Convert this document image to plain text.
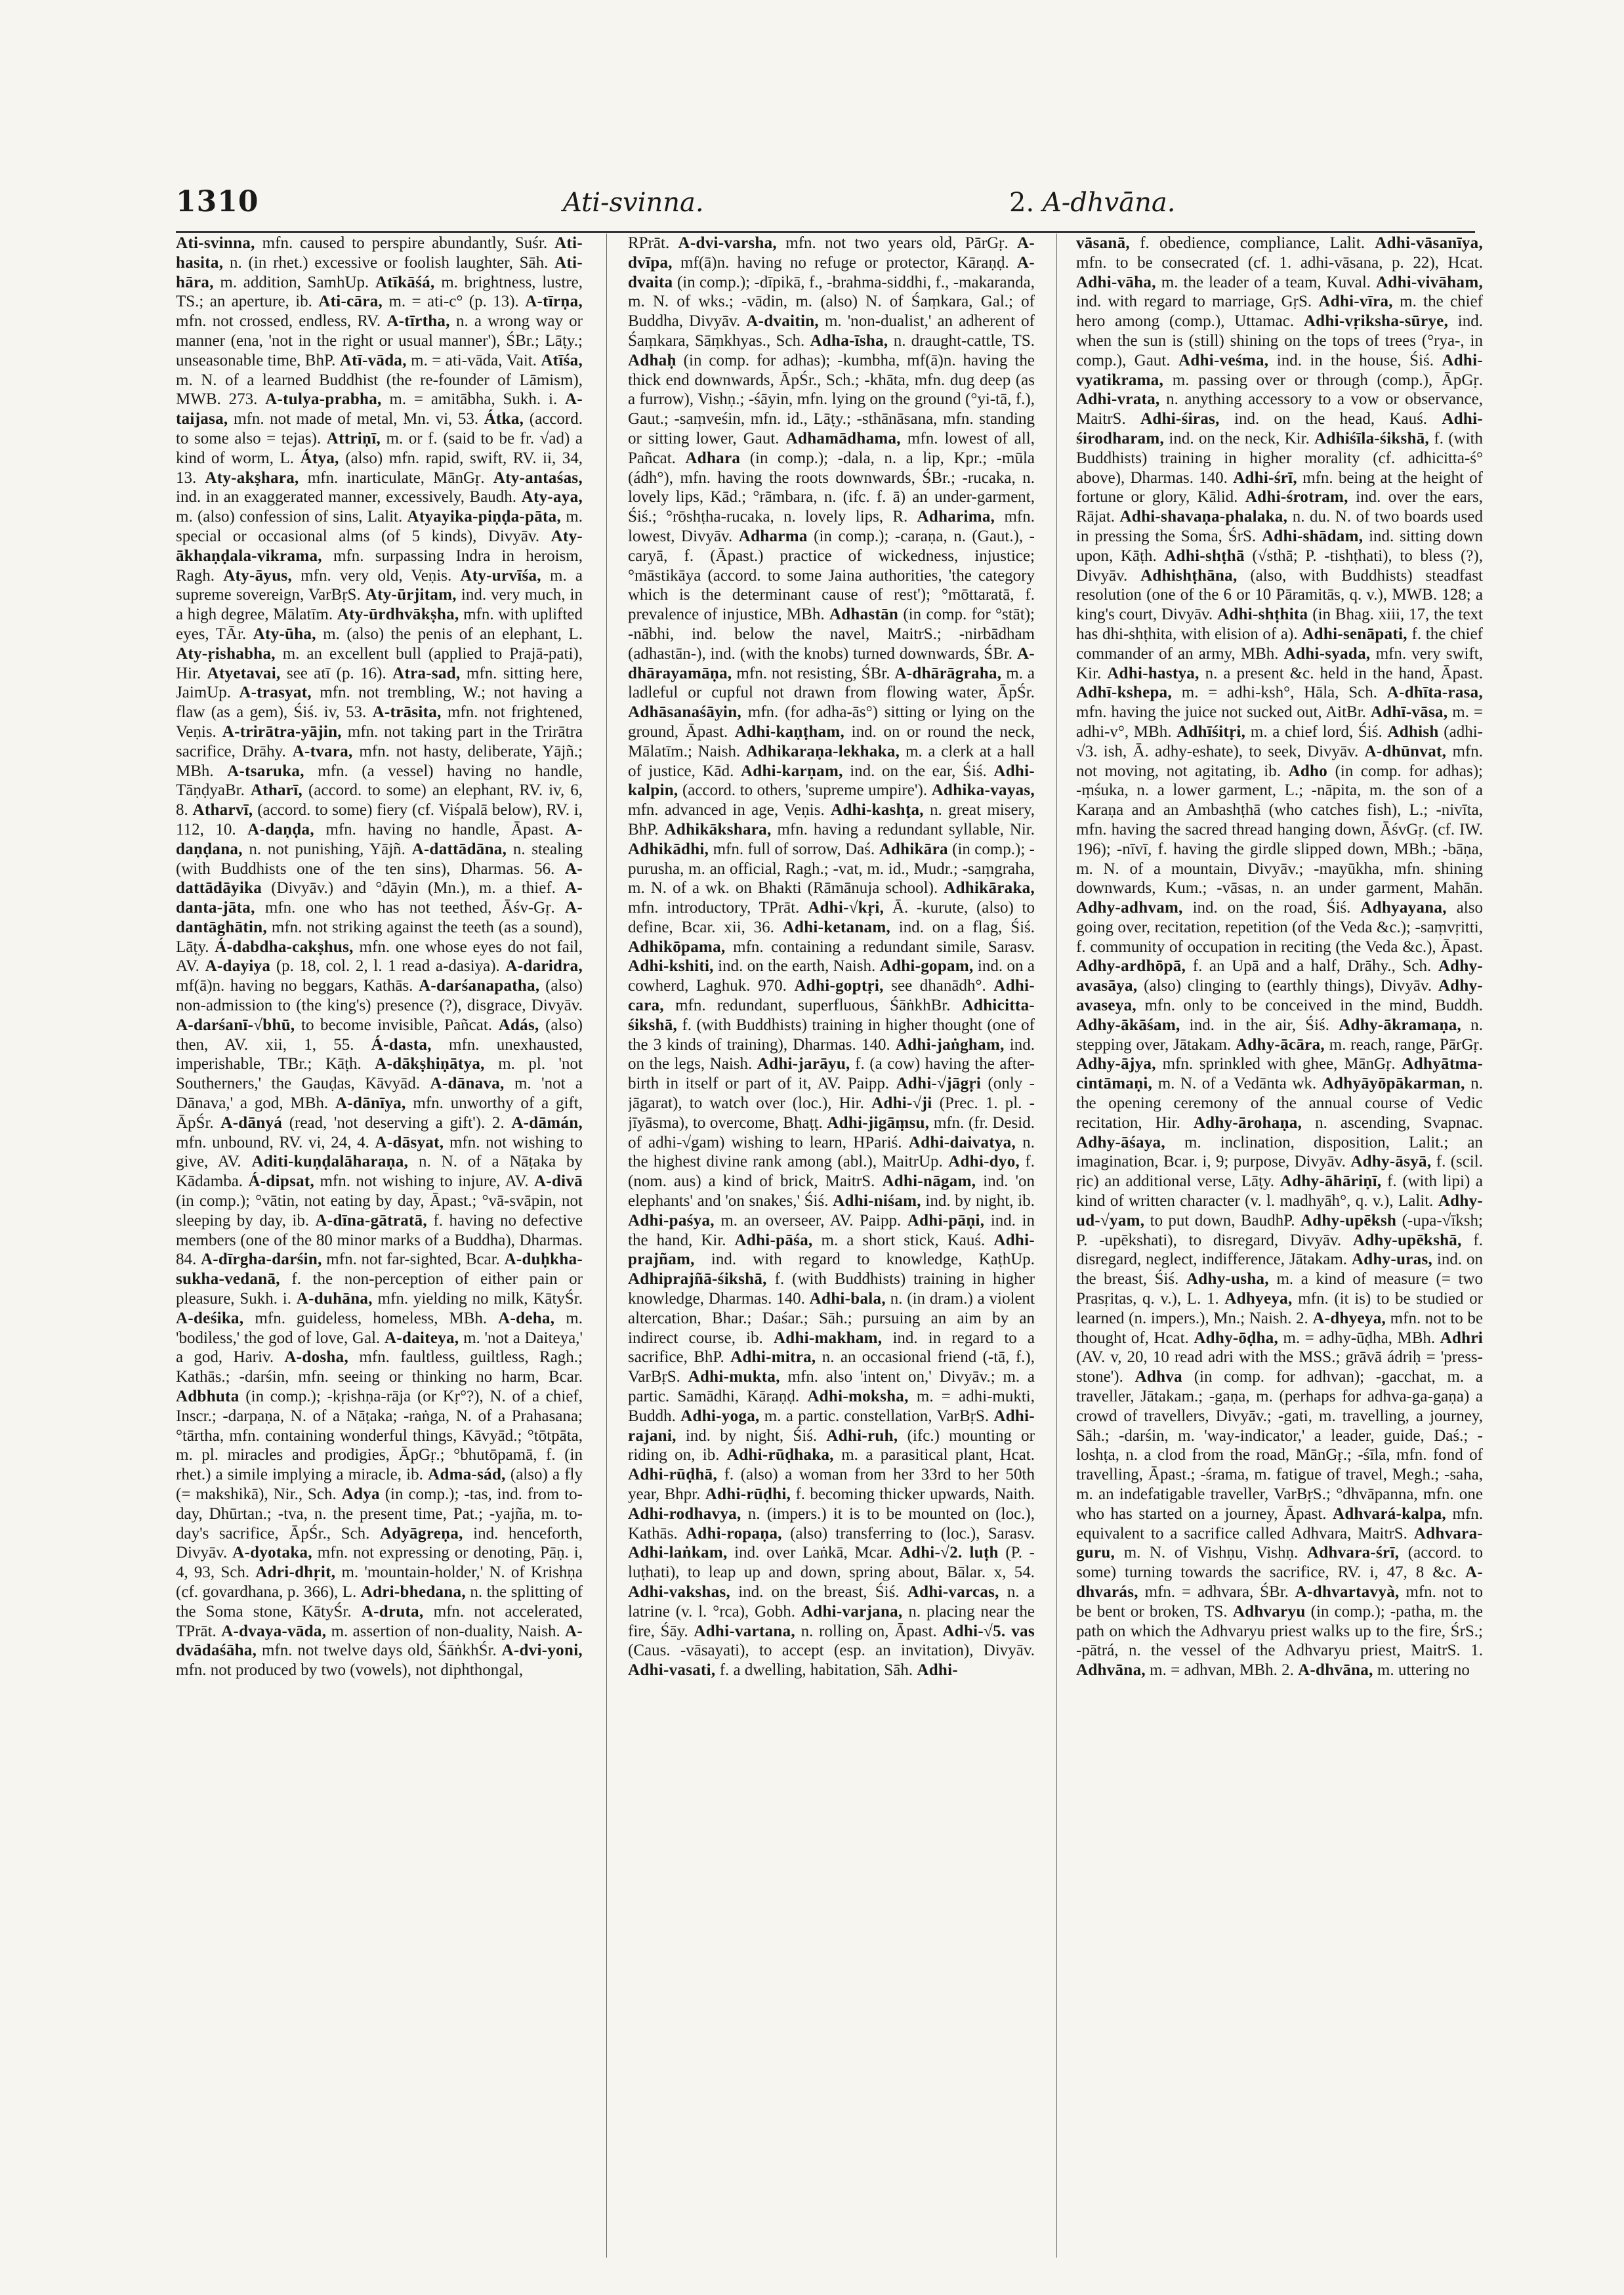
1310	Ati-svinna.	2. A-dhvāna.
Ati-svinna, mfn. caused to perspire abundantly, Suśr. Ati-hasita, n. (in rhet.) excessive or foolish laughter, Sāh. Ati-hāra, m. addition, SamhUp. Atīkāśá, m. brightness, lustre, TS.; an aperture, ib. Ati-cāra, m. = ati-c° (p. 13). A-tīrṇa, mfn. not crossed, endless, RV. A-tīrtha, n. a wrong way or manner (ena, 'not in the right or usual manner'), ŚBr.; Lāṭy.; unseasonable time, BhP. Atī-vāda, m. = ati-vāda, Vait. Atīśa, m. N. of a learned Buddhist (the re-founder of Lāmism), MWB. 273. A-tulya-prabha, m. = amitābha, Sukh. i. A-taijasa, mfn. not made of metal, Mn. vi, 53. Átka, (accord. to some also = tejas). Attriṇī, m. or f. (said to be fr. √ad) a kind of worm, L. Átya, (also) mfn. rapid, swift, RV. ii, 34, 13. Aty-akṣhara, mfn. inarticulate, MānGṛ. Aty-antaśas, ind. in an exaggerated manner, excessively, Baudh. Aty-aya, m. (also) confession of sins, Lalit. Atyayika-piṇḍa-pāta, m. special or occasional alms (of 5 kinds), Divyāv. Aty-ākhaṇḍala-vikrama, mfn. surpassing Indra in heroism, Ragh. Aty-āyus, mfn. very old, Veṇis. Aty-urvīśa, m. a supreme sovereign, VarBṛS. Aty-ūrjitam, ind. very much, in a high degree, Mālatīm. Aty-ūrdhvākṣha, mfn. with uplifted eyes, TĀr. Aty-ūha, m. (also) the penis of an elephant, L. Aty-ṛishabha, m. an excellent bull (applied to Prajā-pati), Hir. Atyetavai, see atī (p. 16). Atra-sad, mfn. sitting here, JaimUp. A-trasyat, mfn. not trembling, W.; not having a flaw (as a gem), Śiś. iv, 53. A-trāsita, mfn. not frightened, Veṇis. A-trirātra-yājin, mfn. not taking part in the Trirātra sacrifice, Drāhy. A-tvara, mfn. not hasty, deliberate, Yājñ.; MBh. A-tsaruka, mfn. (a vessel) having no handle, TāṇḍyaBr. Atharī, (accord. to some) an elephant, RV. iv, 6, 8. Atharvī, (accord. to some) fiery (cf. Viśpalā below), RV. i, 112, 10. A-daṇḍa, mfn. having no handle, Āpast. A-daṇḍana, n. not punishing, Yājñ. A-dattādāna, n. stealing (with Buddhists one of the ten sins), Dharmas. 56. A-dattādāyika (Divyāv.) and °dāyin (Mn.), m. a thief. A-danta-jāta, mfn. one who has not teethed, Āśv-Gṛ. A-dantāghātin, mfn. not striking against the teeth (as a sound), Lāṭy. Á-dabdha-cakṣhus, mfn. one whose eyes do not fail, AV. A-dayiya (p. 18, col. 2, l. 1 read a-dasiya). A-daridra, mf(ā)n. having no beggars, Kathās. A-darśanapatha, (also) non-admission to (the king's) presence (?), disgrace, Divyāv. A-darśanī-√bhū, to become invisible, Pañcat. Adás, (also) then, AV. xii, 1, 55. Á-dasta, mfn. unexhausted, imperishable, TBr.; Kāṭh. A-dākṣhiṇātya, m. pl. 'not Southerners,' the Gauḍas, Kāvyād. A-dānava, m. 'not a Dānava,' a god, MBh. A-dānīya, mfn. unworthy of a gift, ĀpŚr. A-dānyá (read, 'not deserving a gift'). 2. A-dāmán, mfn. unbound, RV. vi, 24, 4. A-dāsyat, mfn. not wishing to give, AV. Aditi-kuṇḍalāharaṇa, n. N. of a Nāṭaka by Kādamba. Á-dipsat, mfn. not wishing to injure, AV. A-divā (in comp.); °vātin, not eating by day, Āpast.; °vā-svāpin, not sleeping by day, ib. A-dīna-gātratā, f. having no defective members (one of the 80 minor marks of a Buddha), Dharmas. 84. A-dīrgha-darśin, mfn. not far-sighted, Bcar. A-duḥkha-sukha-vedanā, f. the non-perception of either pain or pleasure, Sukh. i. A-duhāna, mfn. yielding no milk, KātyŚr. A-deśika, mfn. guideless, homeless, MBh. A-deha, m. 'bodiless,' the god of love, Gal. A-daiteya, m. 'not a Daiteya,' a god, Hariv. A-dosha, mfn. faultless, guiltless, Ragh.; Kathās.; -darśin, mfn. seeing or thinking no harm, Bcar. Adbhuta (in comp.); -kṛishṇa-rāja (or Kṛ°?), N. of a chief, Inscr.; -darpaṇa, N. of a Nāṭaka; -raṅga, N. of a Prahasana; °tārtha, mfn. containing wonderful things, Kāvyād.; °tōtpāta, m. pl. miracles and prodigies, ĀpGṛ.; °bhutōpamā, f. (in rhet.) a simile implying a miracle, ib. Adma-sád, (also) a fly (= makshikā), Nir., Sch. Adya (in comp.); -tas, ind. from to-day, Dhūrtan.; -tva, n. the present time, Pat.; -yajña, m. to-day's sacrifice, ĀpŚr., Sch. Adyāgreṇa, ind. henceforth, Divyāv. A-dyotaka, mfn. not expressing or denoting, Pāṇ. i, 4, 93, Sch. Adri-dhṛit, m. 'mountain-holder,' N. of Krishṇa (cf. govardhana, p. 366), L. Adri-bhedana, n. the splitting of the Soma stone, KātyŚr. A-druta, mfn. not accelerated, TPrāt. A-dvaya-vāda, m. assertion of non-duality, Naish. A-dvādaśāha, mfn. not twelve days old, ŚāṅkhŚr. A-dvi-yoni, mfn. not produced by two (vowels), not diphthongal,
RPrāt. A-dvi-varsha, mfn. not two years old, PārGṛ. A-dvīpa, mf(ā)n. having no refuge or protector, Kāraṇḍ. A-dvaita (in comp.); -dīpikā, f., -brahma-siddhi, f., -makaranda, m. N. of wks.; -vādin, m. (also) N. of Śaṃkara, Gal.; of Buddha, Divyāv. A-dvaitin, m. 'non-dualist,' an adherent of Śaṃkara, Sāṃkhyas., Sch. Adha-īsha, n. draught-cattle, TS. Adhaḥ (in comp. for adhas); -kumbha, mf(ā)n. having the thick end downwards, ĀpŚr., Sch.; -khāta, mfn. dug deep (as a furrow), Vishṇ.; -śāyin, mfn. lying on the ground (°yi-tā, f.), Gaut.; -saṃveśin, mfn. id., Lāṭy.; -sthānāsana, mfn. standing or sitting lower, Gaut. Adhamādhama, mfn. lowest of all, Pañcat. Adhara (in comp.); -dala, n. a lip, Kpr.; -mūla (ádh°), mfn. having the roots downwards, ŚBr.; -rucaka, n. lovely lips, Kād.; °rāmbara, n. (ifc. f. ā) an under-garment, Śiś.; °rōshṭha-rucaka, n. lovely lips, R. Adharima, mfn. lowest, Divyāv. Adharma (in comp.); -caraṇa, n. (Gaut.), -caryā, f. (Āpast.) practice of wickedness, injustice; °māstikāya (accord. to some Jaina authorities, 'the category which is the determinant cause of rest'); °mōttaratā, f. prevalence of injustice, MBh. Adhastān (in comp. for °stāt); -nābhi, ind. below the navel, MaitrS.; -nirbādham (adhastān-), ind. (with the knobs) turned downwards, ŚBr. A-dhārayamāṇa, mfn. not resisting, ŚBr. A-dhārāgraha, m. a ladleful or cupful not drawn from flowing water, ĀpŚr. Adhāsanaśāyin, mfn. (for adha-ās°) sitting or lying on the ground, Āpast. Adhi-kaṇṭham, ind. on or round the neck, Mālatīm.; Naish. Adhikaraṇa-lekhaka, m. a clerk at a hall of justice, Kād. Adhi-karṇam, ind. on the ear, Śiś. Adhi-kalpin, (accord. to others, 'supreme umpire'). Adhika-vayas, mfn. advanced in age, Veṇis. Adhi-kashṭa, n. great misery, BhP. Adhikākshara, mfn. having a redundant syllable, Nir. Adhikādhi, mfn. full of sorrow, Daś. Adhikāra (in comp.); -purusha, m. an official, Ragh.; -vat, m. id., Mudr.; -saṃgraha, m. N. of a wk. on Bhakti (Rāmānuja school). Adhikāraka, mfn. introductory, TPrāt. Adhi-√kṛi, Ā. -kurute, (also) to define, Bcar. xii, 36. Adhi-ketanam, ind. on a flag, Śiś. Adhikōpama, mfn. containing a redundant simile, Sarasv. Adhi-kshiti, ind. on the earth, Naish. Adhi-gopam, ind. on a cowherd, Laghuk. 970. Adhi-goptṛi, see dhanādh°. Adhi-cara, mfn. redundant, superfluous, ŚāṅkhBr. Adhicitta-śikshā, f. (with Buddhists) training in higher thought (one of the 3 kinds of training), Dharmas. 140. Adhi-jaṅgham, ind. on the legs, Naish. Adhi-jarāyu, f. (a cow) having the after-birth in itself or part of it, AV. Paipp. Adhi-√jāgṛi (only -jāgarat), to watch over (loc.), Hir. Adhi-√ji (Prec. 1. pl. -jīyāsma), to overcome, Bhaṭṭ. Adhi-jigāṃsu, mfn. (fr. Desid. of adhi-√gam) wishing to learn, HPariś. Adhi-daivatya, n. the highest divine rank among (abl.), MaitrUp. Adhi-dyo, f. (nom. aus) a kind of brick, MaitrS. Adhi-nāgam, ind. 'on elephants' and 'on snakes,' Śiś. Adhi-niśam, ind. by night, ib. Adhi-paśya, m. an overseer, AV. Paipp. Adhi-pāṇi, ind. in the hand, Kir. Adhi-pāśa, m. a short stick, Kauś. Adhi-prajñam, ind. with regard to knowledge, KaṭhUp. Adhiprajñā-śikshā, f. (with Buddhists) training in higher knowledge, Dharmas. 140. Adhi-bala, n. (in dram.) a violent altercation, Bhar.; Daśar.; Sāh.; pursuing an aim by an indirect course, ib. Adhi-makham, ind. in regard to a sacrifice, BhP. Adhi-mitra, n. an occasional friend (-tā, f.), VarBṛS. Adhi-mukta, mfn. also 'intent on,' Divyāv.; m. a partic. Samādhi, Kāraṇḍ. Adhi-moksha, m. = adhi-mukti, Buddh. Adhi-yoga, m. a partic. constellation, VarBṛS. Adhi-rajani, ind. by night, Śiś. Adhi-ruh, (ifc.) mounting or riding on, ib. Adhi-rūḍhaka, m. a parasitical plant, Hcat. Adhi-rūḍhā, f. (also) a woman from her 33rd to her 50th year, Bhpr. Adhi-rūḍhi, f. becoming thicker upwards, Naith. Adhi-rodhavya, n. (impers.) it is to be mounted on (loc.), Kathās. Adhi-ropaṇa, (also) transferring to (loc.), Sarasv. Adhi-laṅkam, ind. over Laṅkā, Mcar. Adhi-√2. luṭh (P. -luṭhati), to leap up and down, spring about, Bālar. x, 54. Adhi-vakshas, ind. on the breast, Śiś. Adhi-varcas, n. a latrine (v. l. °rca), Gobh. Adhi-varjana, n. placing near the fire, Śāy. Adhi-vartana, n. rolling on, Āpast. Adhi-√5. vas (Caus. -vāsayati), to accept (esp. an invitation), Divyāv. Adhi-vasati, f. a dwelling, habitation, Sāh. Adhi-
vāsanā, f. obedience, compliance, Lalit. Adhi-vāsanīya, mfn. to be consecrated (cf. 1. adhi-vāsana, p. 22), Hcat. Adhi-vāha, m. the leader of a team, Kuval. Adhi-vivāham, ind. with regard to marriage, GṛS. Adhi-vīra, m. the chief hero among (comp.), Uttamac. Adhi-vṛiksha-sūrye, ind. when the sun is (still) shining on the tops of trees (°rya-, in comp.), Gaut. Adhi-veśma, ind. in the house, Śiś. Adhi-vyatikrama, m. passing over or through (comp.), ĀpGṛ. Adhi-vrata, n. anything accessory to a vow or observance, MaitrS. Adhi-śiras, ind. on the head, Kauś. Adhi-śirodharam, ind. on the neck, Kir. Adhiśīla-śikshā, f. (with Buddhists) training in higher morality (cf. adhicitta-ś° above), Dharmas. 140. Adhi-śrī, mfn. being at the height of fortune or glory, Kālid. Adhi-śrotram, ind. over the ears, Rājat. Adhi-shavaṇa-phalaka, n. du. N. of two boards used in pressing the Soma, ŚrS. Adhi-shādam, ind. sitting down upon, Kāṭh. Adhi-shṭhā (√sthā; P. -tishṭhati), to bless (?), Divyāv. Adhishṭhāna, (also, with Buddhists) steadfast resolution (one of the 6 or 10 Pāramitās, q. v.), MWB. 128; a king's court, Divyāv. Adhi-shṭhita (in Bhag. xiii, 17, the text has dhi-shṭhita, with elision of a). Adhi-senāpati, f. the chief commander of an army, MBh. Adhi-syada, mfn. very swift, Kir. Adhi-hastya, n. a present &c. held in the hand, Āpast. Adhī-kshepa, m. = adhi-ksh°, Hāla, Sch. A-dhīta-rasa, mfn. having the juice not sucked out, AitBr. Adhī-vāsa, m. = adhi-v°, MBh. Adhīśitṛi, m. a chief lord, Śiś. Adhish (adhi-√3. ish, Ā. adhy-eshate), to seek, Divyāv. A-dhūnvat, mfn. not moving, not agitating, ib. Adho (in comp. for adhas); -ṃśuka, n. a lower garment, L.; -nāpita, m. the son of a Karaṇa and an Ambashṭhā (who catches fish), L.; -nivīta, mfn. having the sacred thread hanging down, ĀśvGṛ. (cf. IW. 196); -nīvī, f. having the girdle slipped down, MBh.; -bāṇa, m. N. of a mountain, Divyāv.; -mayūkha, mfn. shining downwards, Kum.; -vāsas, n. an under garment, Mahān. Adhy-adhvam, ind. on the road, Śiś. Adhyayana, also going over, recitation, repetition (of the Veda &c.); -saṃvṛitti, f. community of occupation in reciting (the Veda &c.), Āpast. Adhy-ardhōpā, f. an Upā and a half, Drāhy., Sch. Adhy-avasāya, (also) clinging to (earthly things), Divyāv. Adhy-avaseya, mfn. only to be conceived in the mind, Buddh. Adhy-ākāśam, ind. in the air, Śiś. Adhy-ākramaṇa, n. stepping over, Jātakam. Adhy-ācāra, m. reach, range, PārGṛ. Adhy-ājya, mfn. sprinkled with ghee, MānGṛ. Adhyātma-cintāmaṇi, m. N. of a Vedānta wk. Adhyāyōpākarman, n. the opening ceremony of the annual course of Vedic recitation, Hir. Adhy-ārohaṇa, n. ascending, Svapnac. Adhy-āśaya, m. inclination, disposition, Lalit.; an imagination, Bcar. i, 9; purpose, Divyāv. Adhy-āsyā, f. (scil. ṛic) an additional verse, Lāṭy. Adhy-āhāriṇī, f. (with lipi) a kind of written character (v. l. madhyāh°, q. v.), Lalit. Adhy-ud-√yam, to put down, BaudhP. Adhy-upēksh (-upa-√īksh; P. -upēkshati), to disregard, Divyāv. Adhy-upēkshā, f. disregard, neglect, indifference, Jātakam. Adhy-uras, ind. on the breast, Śiś. Adhy-usha, m. a kind of measure (= two Prasṛitas, q. v.), L. 1. Adhyeya, mfn. (it is) to be studied or learned (n. impers.), Mn.; Naish. 2. A-dhyeya, mfn. not to be thought of, Hcat. Adhy-ōḍha, m. = adhy-ūḍha, MBh. Adhri (AV. v, 20, 10 read adri with the MSS.; grāvā ádriḥ = 'press-stone'). Adhva (in comp. for adhvan); -gacchat, m. a traveller, Jātakam.; -gaṇa, m. (perhaps for adhva-ga-gaṇa) a crowd of travellers, Divyāv.; -gati, m. travelling, a journey, Sāh.; -darśin, m. 'way-indicator,' a leader, guide, Daś.; -loshṭa, n. a clod from the road, MānGṛ.; -śīla, mfn. fond of travelling, Āpast.; -śrama, m. fatigue of travel, Megh.; -saha, m. an indefatigable traveller, VarBṛS.; °dhvāpanna, mfn. one who has started on a journey, Āpast. Adhvará-kalpa, mfn. equivalent to a sacrifice called Adhvara, MaitrS. Adhvara-guru, m. N. of Vishṇu, Vishṇ. Adhvara-śrī, (accord. to some) turning towards the sacrifice, RV. i, 47, 8 &c. A-dhvarás, mfn. = adhvara, ŚBr. A-dhvartavyà, mfn. not to be bent or broken, TS. Adhvaryu (in comp.); -patha, m. the path on which the Adhvaryu priest walks up to the fire, ŚrS.; -pātrá, n. the vessel of the Adhvaryu priest, MaitrS. 1. Adhvāna, m. = adhvan, MBh. 2. A-dhvāna, m. uttering no
